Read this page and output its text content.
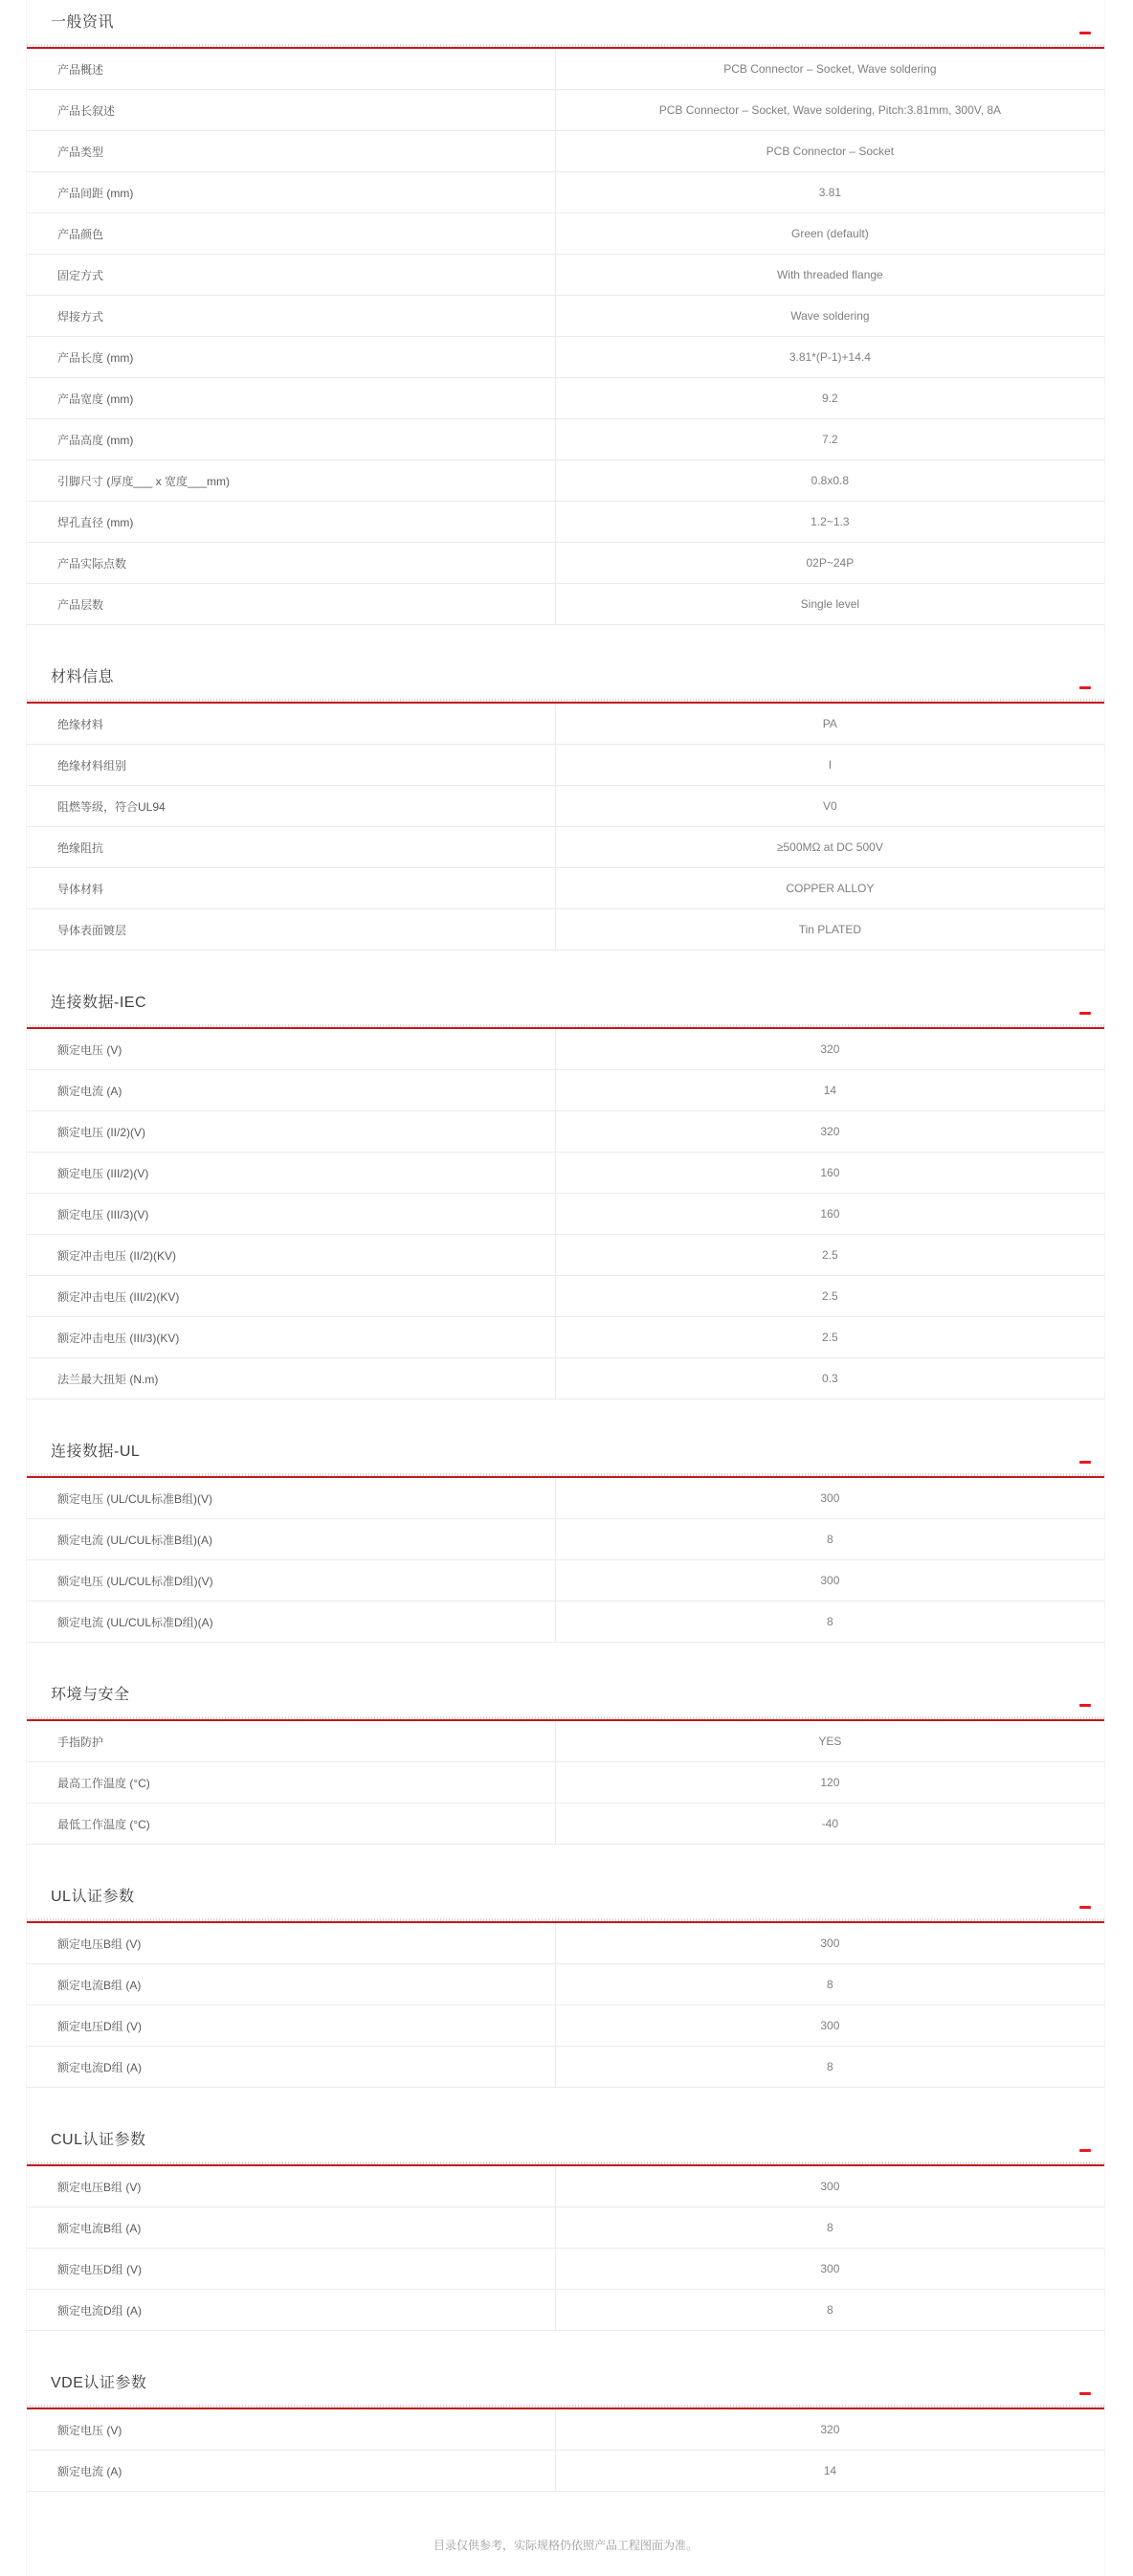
一般资讯
产品概述	PCB Connector – Socket, Wave soldering
产品长叙述	PCB Connector – Socket, Wave soldering, Pitch:3.81mm, 300V, 8A
产品类型	PCB Connector – Socket
产品间距 (mm)	3.81
产品颜色	Green (default)
固定方式	With threaded flange
焊接方式	Wave soldering
产品长度 (mm)	3.81*(P-1)+14.4
产品宽度 (mm)	9.2
产品高度 (mm)	7.2
引脚尺寸 (厚度___ x 宽度___mm)	0.8x0.8
焊孔直径 (mm)	1.2~1.3
产品实际点数	02P~24P
产品层数	Single level
材料信息
绝缘材料	PA
绝缘材料组别	I
阻燃等级，符合UL94	V0
绝缘阻抗	≥500MΩ at DC 500V
导体材料	COPPER ALLOY
导体表面镀层	Tin PLATED
连接数据-IEC
额定电压 (V)	320
额定电流 (A)	14
额定电压 (II/2)(V)	320
额定电压 (III/2)(V)	160
额定电压 (III/3)(V)	160
额定冲击电压 (II/2)(KV)	2.5
额定冲击电压 (III/2)(KV)	2.5
额定冲击电压 (III/3)(KV)	2.5
法兰最大扭矩 (N.m)	0.3
连接数据-UL
额定电压 (UL/CUL标准B组)(V)	300
额定电流 (UL/CUL标准B组)(A)	8
额定电压 (UL/CUL标准D组)(V)	300
额定电流 (UL/CUL标准D组)(A)	8
环境与安全
手指防护	YES
最高工作温度 (°C)	120
最低工作温度 (°C)	-40
UL认证参数
额定电压B组 (V)	300
额定电流B组 (A)	8
额定电压D组 (V)	300
额定电流D组 (A)	8
CUL认证参数
额定电压B组 (V)	300
额定电流B组 (A)	8
额定电压D组 (V)	300
额定电流D组 (A)	8
VDE认证参数
额定电压 (V)	320
额定电流 (A)	14
目录仅供参考，实际规格仍依照产品工程图面为准。
